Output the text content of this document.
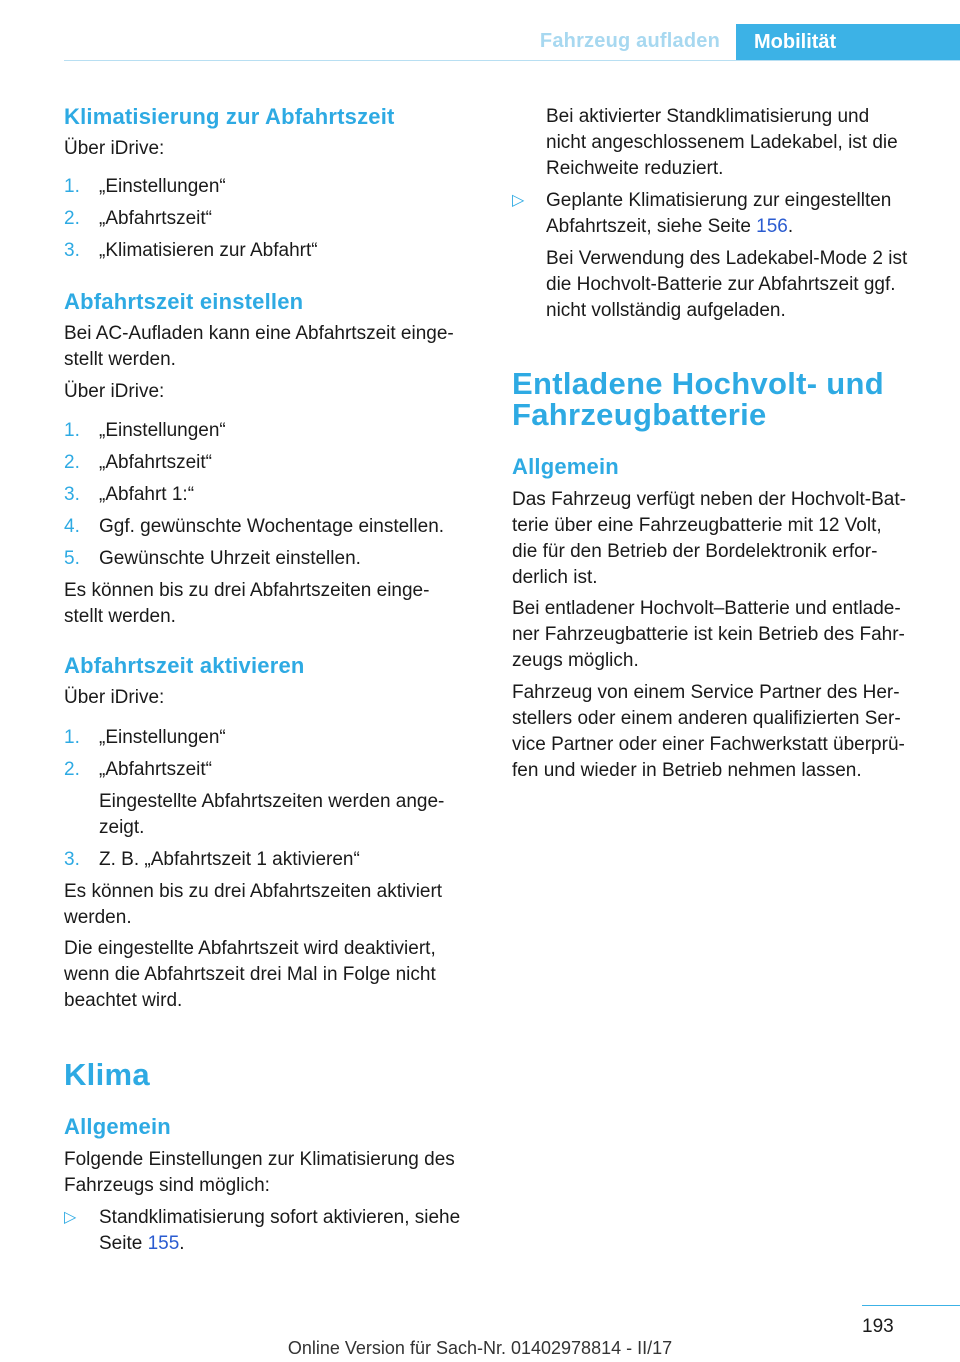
Fahrzeug aufladen	Mobilität
Klimatisierung zur Abfahrtszeit
Über iDrive:
1. „Einstellungen“
2. „Abfahrtszeit“
3. „Klimatisieren zur Abfahrt“
Abfahrtszeit einstellen
Bei AC-Aufladen kann eine Abfahrtszeit einge‐
stellt werden.
Über iDrive:
1. „Einstellungen“
2. „Abfahrtszeit“
3. „Abfahrt 1:“
4. Ggf. gewünschte Wochentage einstellen.
5. Gewünschte Uhrzeit einstellen.
Es können bis zu drei Abfahrtszeiten einge‐
stellt werden.
Abfahrtszeit aktivieren
Über iDrive:
1. „Einstellungen“
2. „Abfahrtszeit“
Eingestellte Abfahrtszeiten werden ange‐
zeigt.
3. Z. B. „Abfahrtszeit 1 aktivieren“
Es können bis zu drei Abfahrtszeiten aktiviert
werden.
Die eingestellte Abfahrtszeit wird deaktiviert,
wenn die Abfahrtszeit drei Mal in Folge nicht
beachtet wird.
Klima
Allgemein
Folgende Einstellungen zur Klimatisierung des
Fahrzeugs sind möglich:
▷ Standklimatisierung sofort aktivieren, siehe
Seite 155.
Bei aktivierter Standklimatisierung und
nicht angeschlossenem Ladekabel, ist die
Reichweite reduziert.
▷ Geplante Klimatisierung zur eingestellten
Abfahrtszeit, siehe Seite 156.
Bei Verwendung des Ladekabel-Mode 2 ist
die Hochvolt-Batterie zur Abfahrtszeit ggf.
nicht vollständig aufgeladen.
Entladene Hochvolt- und
Fahrzeugbatterie
Allgemein
Das Fahrzeug verfügt neben der Hochvolt-Bat‐
terie über eine Fahrzeugbatterie mit 12 Volt,
die für den Betrieb der Bordelektronik erfor‐
derlich ist.
Bei entladener Hochvolt–Batterie und entlade‐
ner Fahrzeugbatterie ist kein Betrieb des Fahr‐
zeugs möglich.
Fahrzeug von einem Service Partner des Her‐
stellers oder einem anderen qualifizierten Ser‐
vice Partner oder einer Fachwerkstatt überprü‐
fen und wieder in Betrieb nehmen lassen.
193
Online Version für Sach-Nr. 01402978814 - II/17
